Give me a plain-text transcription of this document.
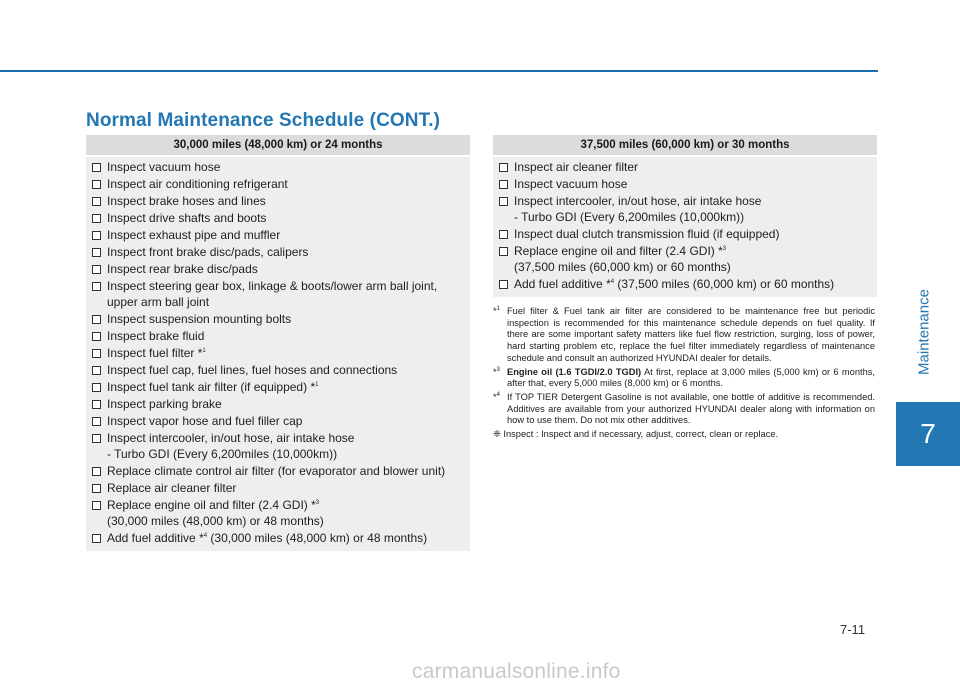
Normal Maintenance Schedule (CONT.)
30,000 miles (48,000 km) or 24 months
Inspect vacuum hose
Inspect air conditioning refrigerant
Inspect brake hoses and lines
Inspect drive shafts and boots
Inspect exhaust pipe and muffler
Inspect front brake disc/pads, calipers
Inspect rear brake disc/pads
Inspect steering gear box, linkage & boots/lower arm ball joint,
upper arm ball joint
Inspect suspension mounting bolts
Inspect brake fluid
Inspect fuel filter *$^1$
Inspect fuel cap, fuel lines, fuel hoses and connections
Inspect fuel tank air filter (if equipped) *$^1$
Inspect parking brake
Inspect vapor hose and fuel filler cap
Inspect intercooler, in/out hose, air intake hose
- Turbo GDI (Every 6,200miles (10,000km))
Replace climate control air filter (for evaporator and blower unit)
Replace air cleaner filter
Replace engine oil and filter (2.4 GDI) *$^3$
(30,000 miles (48,000 km) or 48 months)
Add fuel additive *$^4$ (30,000 miles (48,000 km) or 48 months)
37,500 miles (60,000 km) or 30 months
Inspect air cleaner filter
Inspect vacuum hose
Inspect intercooler, in/out hose, air intake hose
- Turbo GDI (Every 6,200miles (10,000km))
Inspect dual clutch transmission fluid (if equipped)
Replace engine oil and filter (2.4 GDI) *$^3$
(37,500 miles (60,000 km) or 60 months)
Add fuel additive *$^4$ (37,500 miles (60,000 km) or 60 months)
*$^1$ Fuel filter & Fuel tank air filter are considered to be maintenance free but periodic inspection is recommended for this maintenance schedule depends on fuel quality. If there are some important safety matters like fuel flow restriction, surging, loss of power, hard starting problem etc, replace the fuel filter immediately regardless of maintenance schedule and consult an authorized HYUNDAI dealer for details.
*$^3$ Engine oil (1.6 TGDI/2.0 TGDI) At first, replace at 3,000 miles (5,000 km) or 6 months, after that, every 5,000 miles (8,000 km) or 6 months.
*$^4$ If TOP TIER Detergent Gasoline is not available, one bottle of additive is recommended. Additives are available from your authorized HYUNDAI dealer along with information on how to use them. Do not mix other additives.
❈ Inspect : Inspect and if necessary, adjust, correct, clean or replace.
Maintenance
7
7-11
carmanualsonline.info
